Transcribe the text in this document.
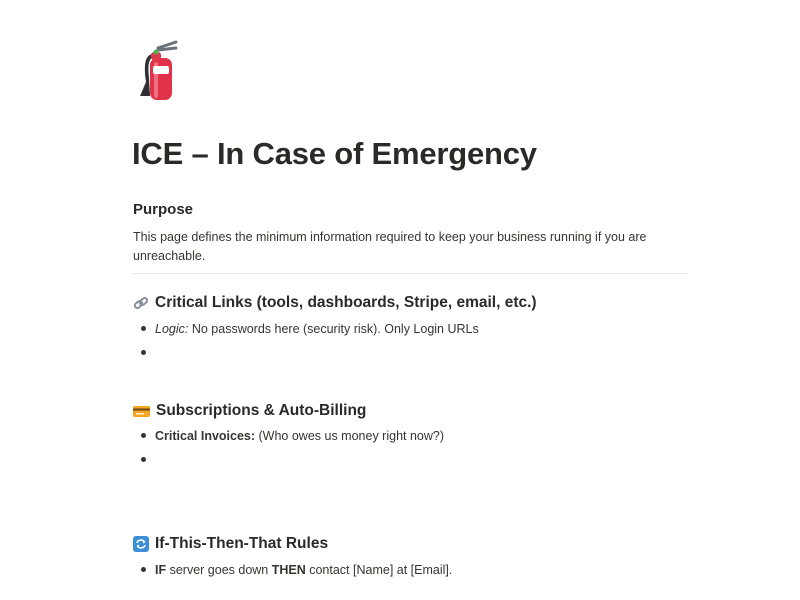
ICE – In Case of Emergency
Purpose
This page defines the minimum information required to keep your business running if you are unreachable.
Critical Links (tools, dashboards, Stripe, email, etc.)
Logic: No passwords here (security risk). Only Login URLs
Subscriptions & Auto-Billing
Critical Invoices: (Who owes us money right now?)
If-This-Then-That Rules
IF server goes down THEN contact [Name] at [Email].
